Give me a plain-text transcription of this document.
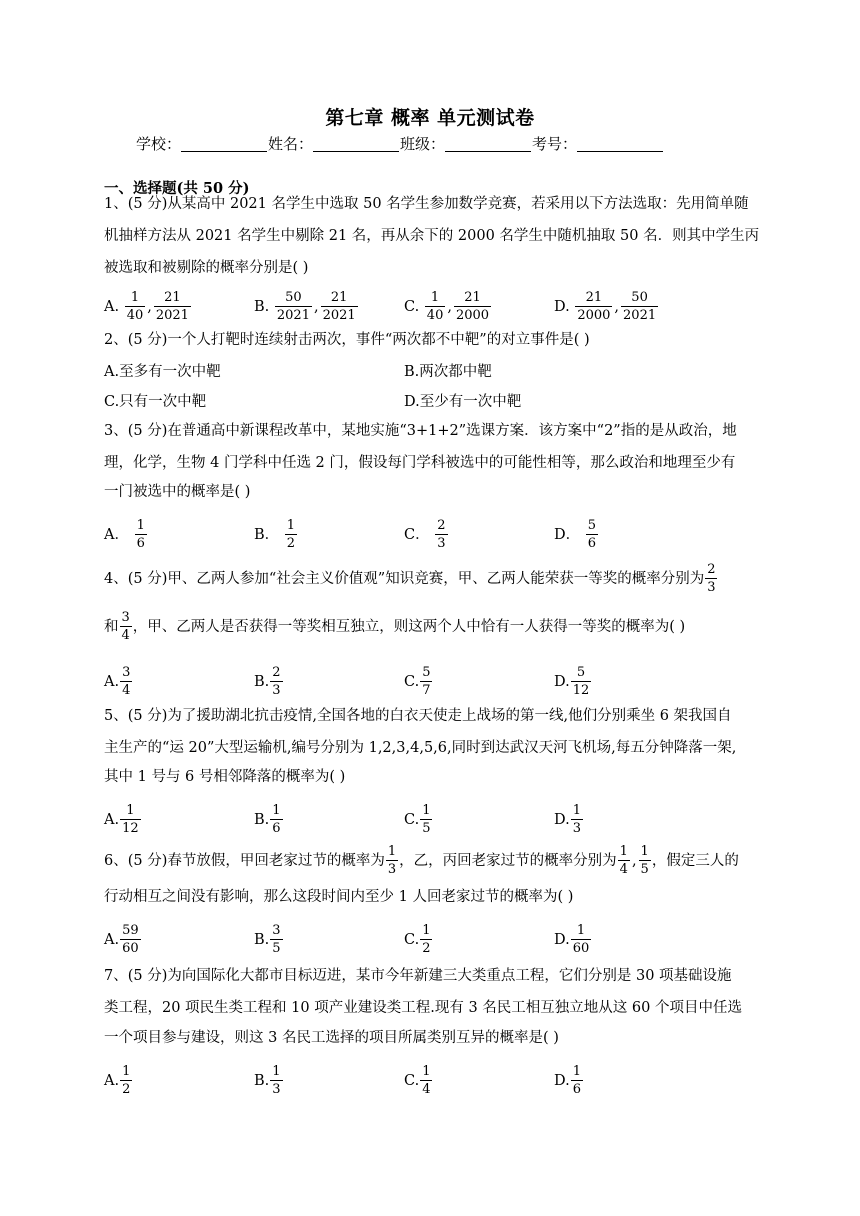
第七章 概率 单元测试卷
学校：	姓名：	班级：	考号：
一、选择题(共 50 分)
1、(5 分)从某高中 2021 名学生中选取 50 名学生参加数学竞赛，若采用以下方法选取：先用简单随
机抽样方法从 2021 名学生中剔除 21 名，再从余下的 2000 名学生中随机抽取 50 名．则其中学生丙
被选取和被剔除的概率分别是( )
2、(5 分)一个人打靶时连续射击两次，事件“两次都不中靶”的对立事件是( )
A.至多有一次中靶	B.两次都中靶
C.只有一次中靶	D.至少有一次中靶
3、(5 分)在普通高中新课程改革中，某地实施“3+1+2”选课方案．该方案中“2”指的是从政治，地
理，化学，生物 4 门学科中任选 2 门，假设每门学科被选中的可能性相等，那么政治和地理至少有
一门被选中的概率是( )
4、(5 分)甲、乙两人参加“社会主义价值观”知识竞赛，甲、乙两人能荣获一等奖的概率分别为 $\frac{2}{3}$
和 $\frac{3}{4}$ ，甲、乙两人是否获得一等奖相互独立，则这两个人中恰有一人获得一等奖的概率为( )
5、(5 分)为了援助湖北抗击疫情,全国各地的白衣天使走上战场的第一线,他们分别乘坐 6 架我国自
主生产的“运 20”大型运输机,编号分别为 1,2,3,4,5,6,同时到达武汉天河飞机场,每五分钟降落一架,
其中 1 号与 6 号相邻降落的概率为( )
6、(5 分)春节放假，甲回老家过节的概率为 $\frac{1}{3}$ ，乙，丙回老家过节的概率分别为 $\frac{1}{4}$ , $\frac{1}{5}$ ，假定三人的
行动相互之间没有影响，那么这段时间内至少 1 人回老家过节的概率为( )
7、(5 分)为向国际化大都市目标迈进，某市今年新建三大类重点工程，它们分别是 30 项基础设施
类工程，20 项民生类工程和 10 项产业建设类工程.现有 3 名民工相互独立地从这 60 个项目中任选
一个项目参与建设，则这 3 名民工选择的项目所属类别互异的概率是( )
A. $\frac{1}{40}$ , $\frac{21}{2021}$	B. $\frac{50}{2021}$ , $\frac{21}{2021}$	C. $\frac{1}{40}$ , $\frac{21}{2000}$	D. $\frac{21}{2000}$ , $\frac{50}{2021}$
A． $\frac{1}{6}$	B． $\frac{1}{2}$	C． $\frac{2}{3}$	D． $\frac{5}{6}$
A. $\frac{3}{4}$	B. $\frac{2}{3}$	C. $\frac{5}{7}$	D. $\frac{5}{12}$
A. $\frac{1}{12}$	B. $\frac{1}{6}$	C. $\frac{1}{5}$	D. $\frac{1}{3}$
A. $\frac{59}{60}$	B. $\frac{3}{5}$	C. $\frac{1}{2}$	D. $\frac{1}{60}$
A. $\frac{1}{2}$	B. $\frac{1}{3}$	C. $\frac{1}{4}$	D. $\frac{1}{6}$
